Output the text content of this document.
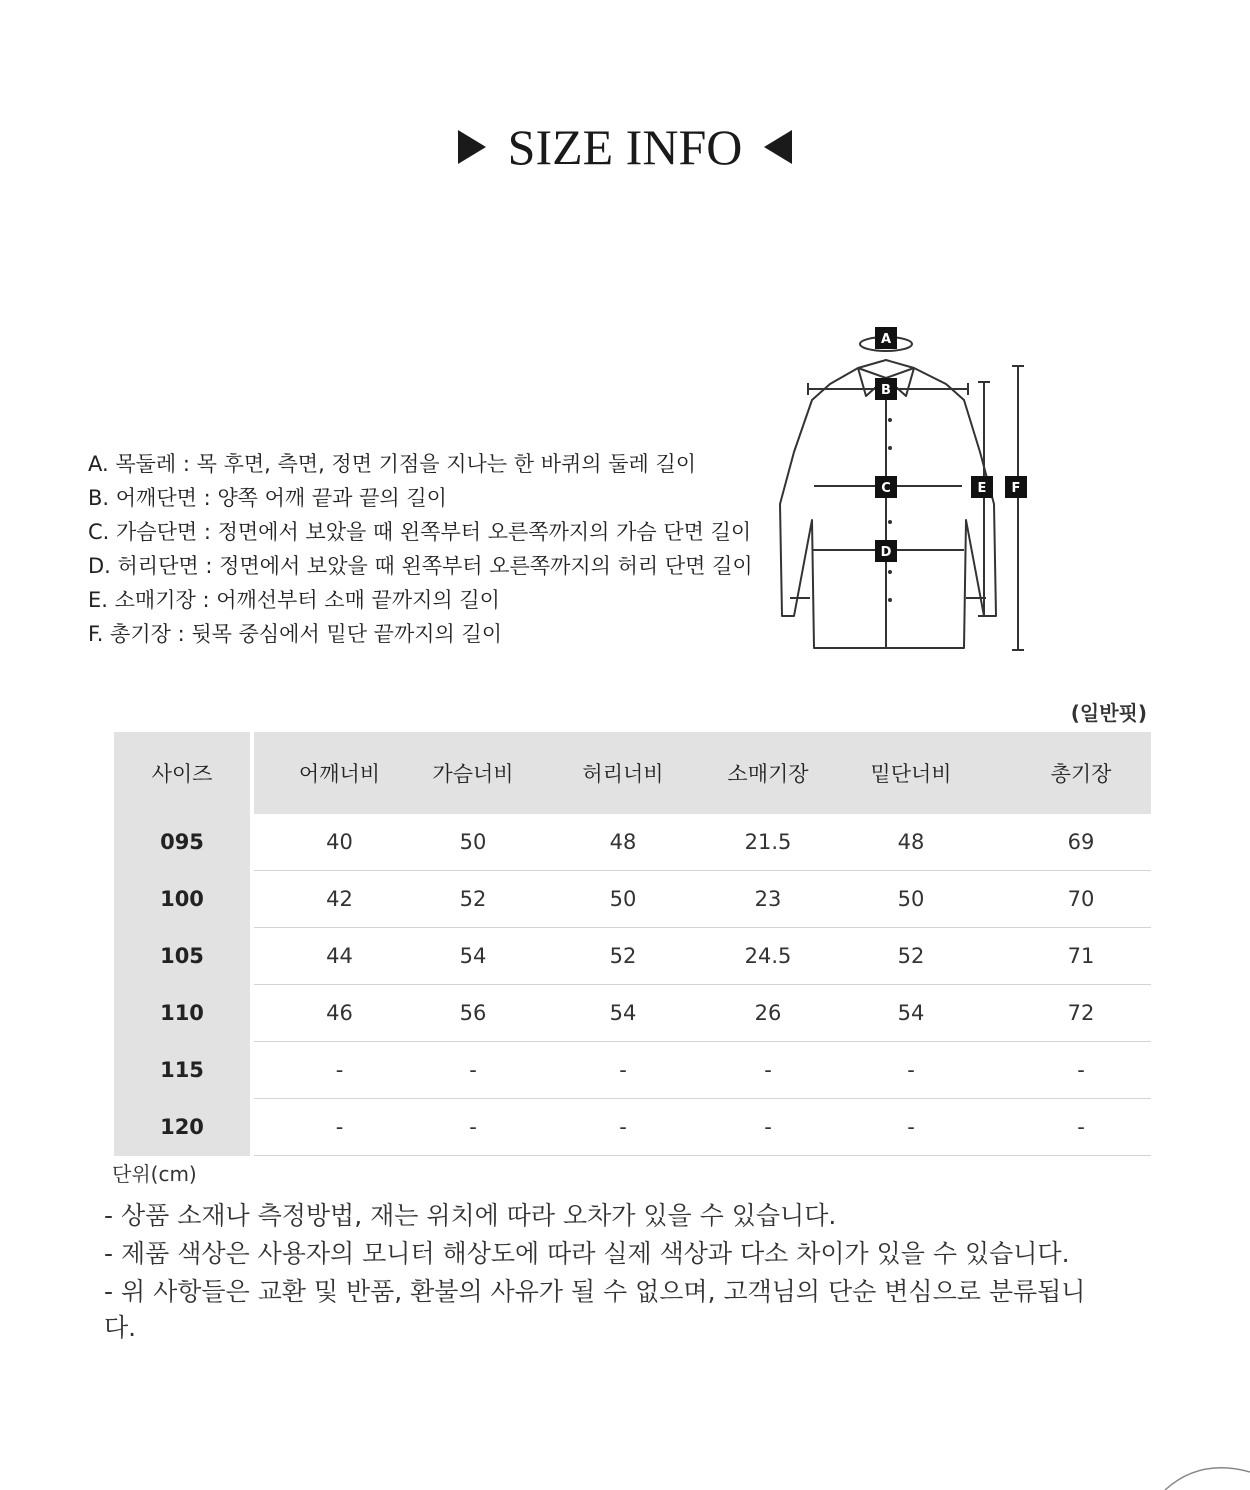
SIZE INFO
A. 목둘레 : 목 후면, 측면, 정면 기점을 지나는 한 바퀴의 둘레 길이
B. 어깨단면 : 양쪽 어깨 끝과 끝의 길이
C. 가슴단면 : 정면에서 보았을 때 왼쪽부터 오른쪽까지의 가슴 단면 길이
D. 허리단면 : 정면에서 보았을 때 왼쪽부터 오른쪽까지의 허리 단면 길이
E. 소매기장 : 어깨선부터 소매 끝까지의 길이
F. 총기장 : 뒷목 중심에서 밑단 끝까지의 길이
A
B
C
D
E F
(일반핏)
사이즈	어깨너비	가슴너비	허리너비	소매기장	밑단너비	총기장
095	40	50	48	21.5	48	69
100	42	52	50	23	50	70
105	44	54	52	24.5	52	71
110	46	56	54	26	54	72
115	-	-	-	-	-	-
120	-	-	-	-	-	-
단위(cm)
- 상품 소재나 측정방법, 재는 위치에 따라 오차가 있을 수 있습니다.
- 제품 색상은 사용자의 모니터 해상도에 따라 실제 색상과 다소 차이가 있을 수 있습니다.
- 위 사항들은 교환 및 반품, 환불의 사유가 될 수 없으며, 고객님의 단순 변심으로 분류됩니다.
